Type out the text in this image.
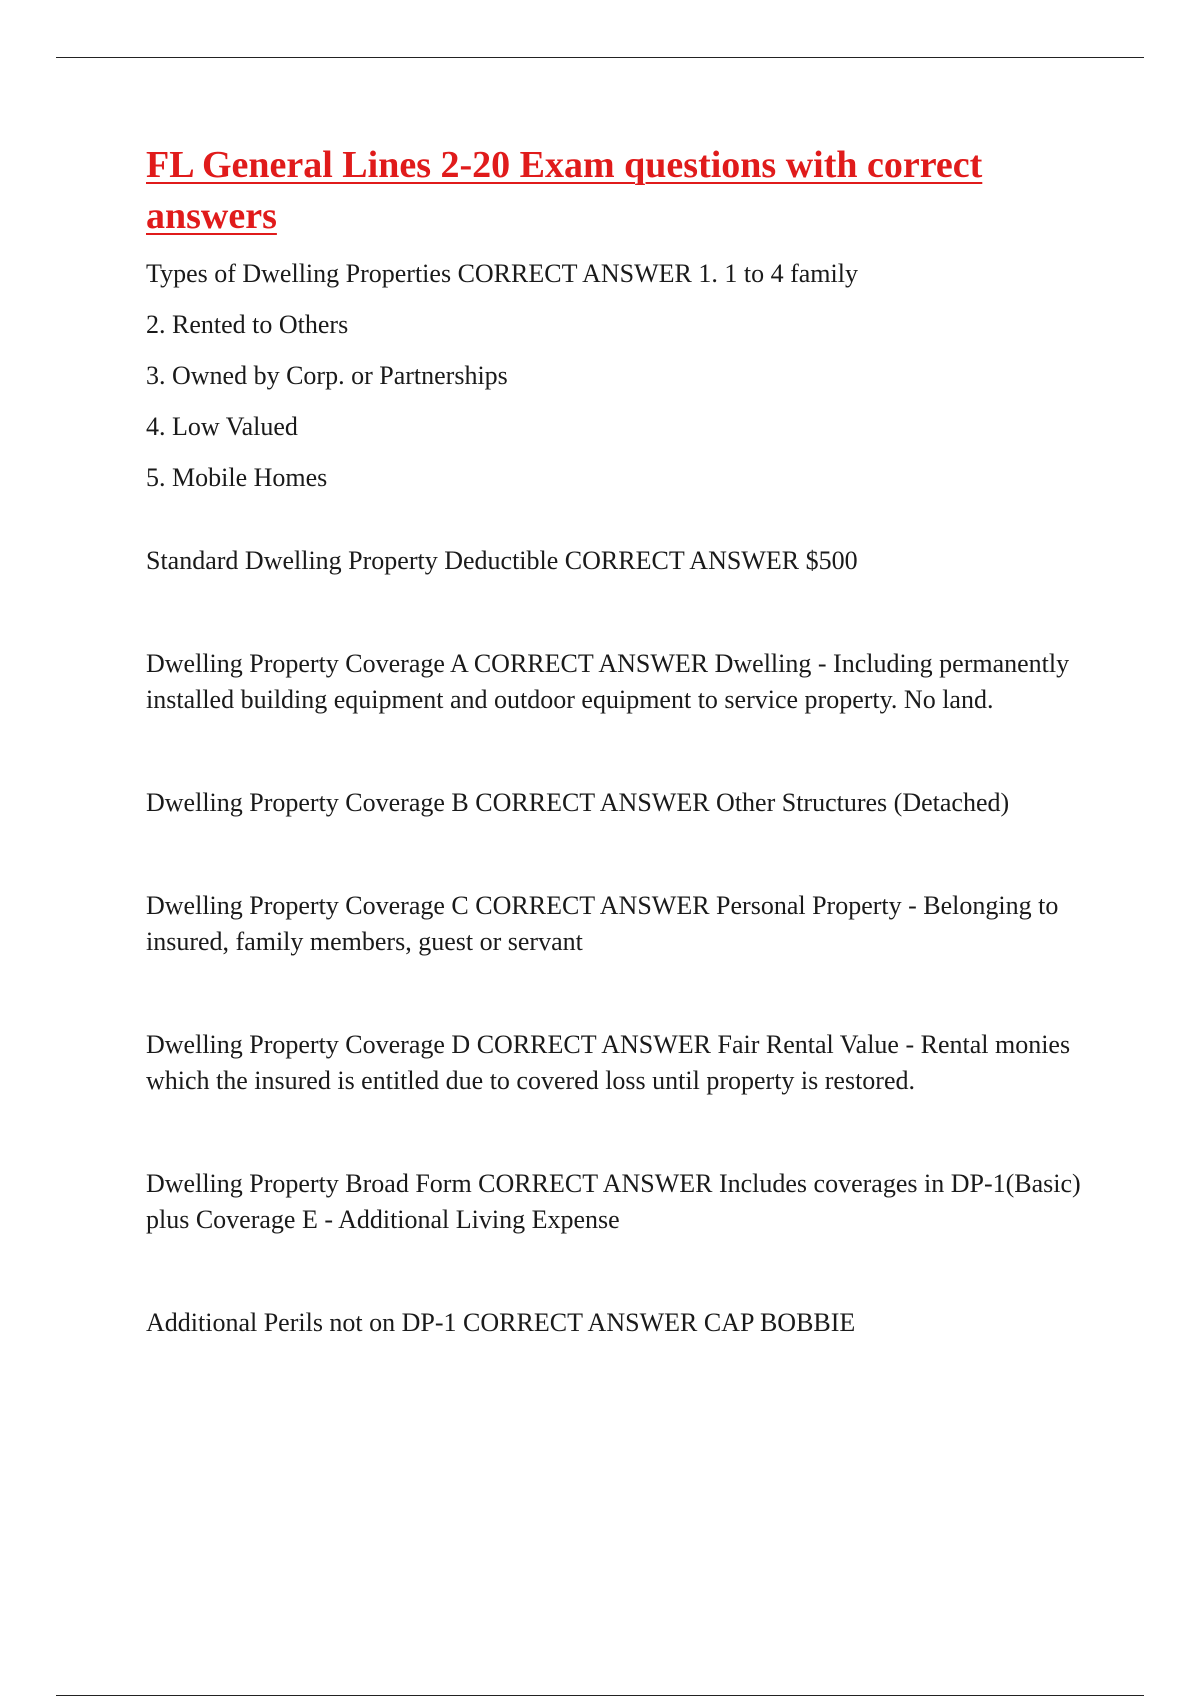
FL General Lines 2-20 Exam questions with correct answers

Types of Dwelling Properties CORRECT ANSWER 1. 1 to 4 family

2. Rented to Others

3. Owned by Corp. or Partnerships

4. Low Valued

5. Mobile Homes

Standard Dwelling Property Deductible CORRECT ANSWER $500

Dwelling Property Coverage A CORRECT ANSWER Dwelling - Including permanently installed building equipment and outdoor equipment to service property. No land.

Dwelling Property Coverage B CORRECT ANSWER Other Structures (Detached)

Dwelling Property Coverage C CORRECT ANSWER Personal Property - Belonging to insured, family members, guest or servant

Dwelling Property Coverage D CORRECT ANSWER Fair Rental Value - Rental monies which the insured is entitled due to covered loss until property is restored.

Dwelling Property Broad Form CORRECT ANSWER Includes coverages in DP-1(Basic) plus Coverage E - Additional Living Expense

Additional Perils not on DP-1 CORRECT ANSWER CAP BOBBIE
